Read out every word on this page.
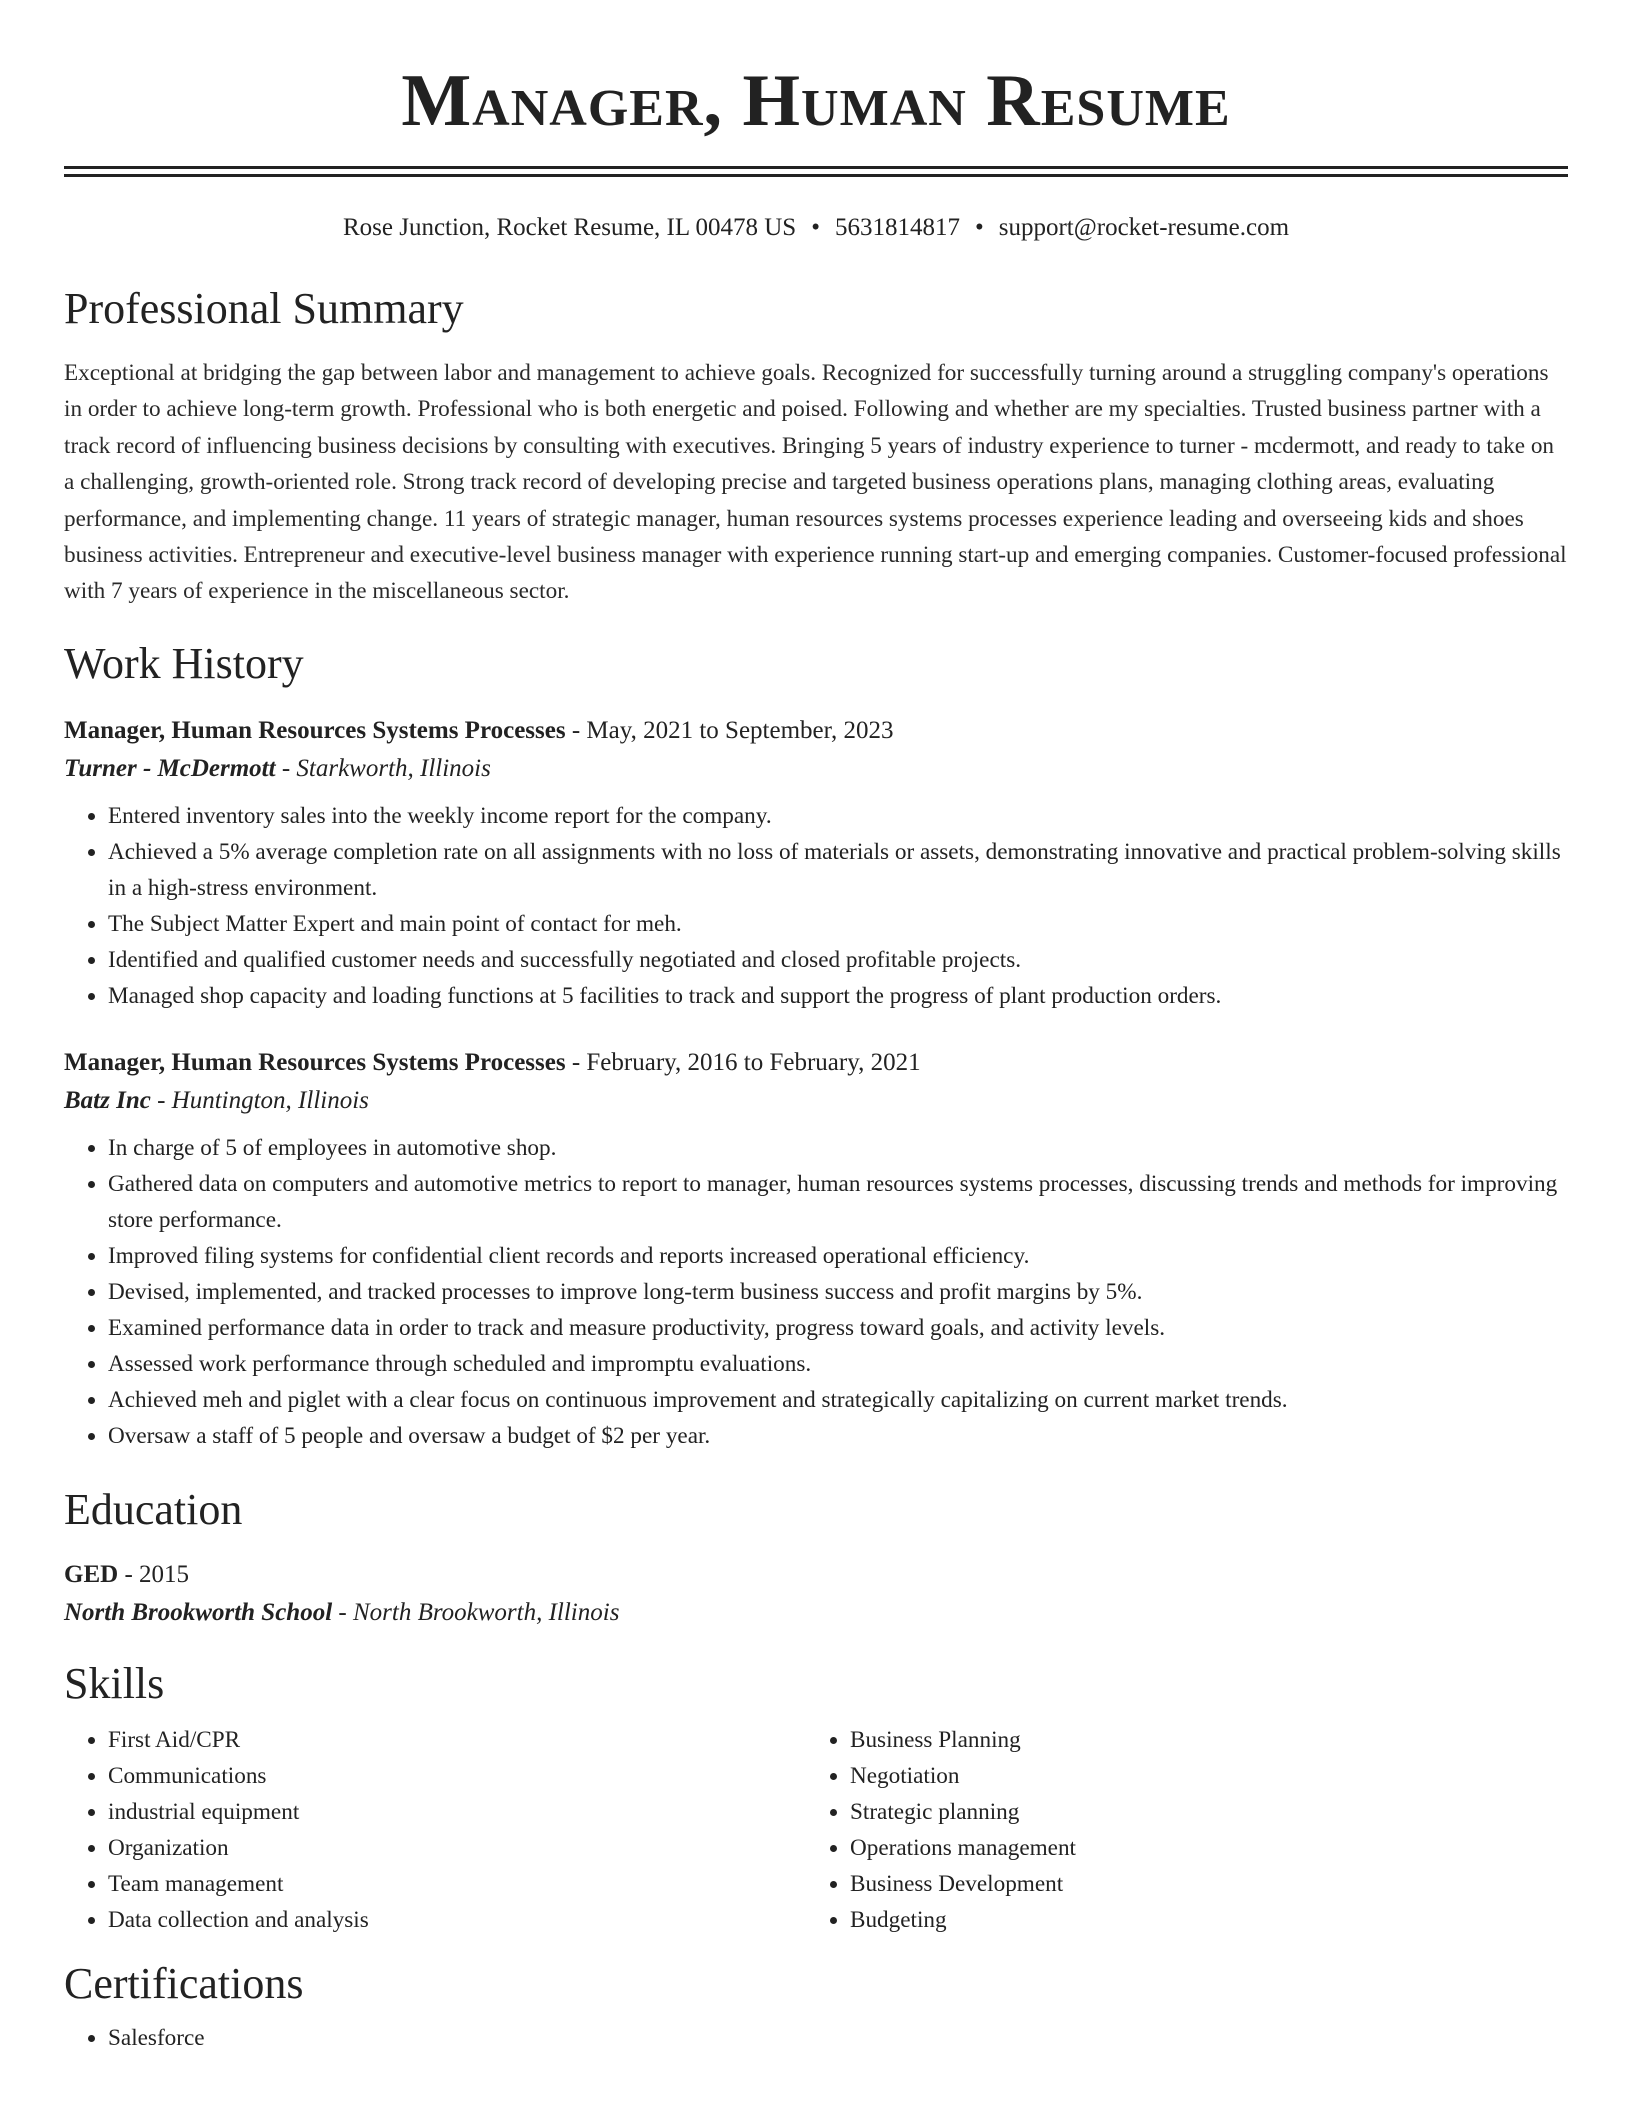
Manager, Human Resume
Rose Junction, Rocket Resume, IL 00478 US • 5631814817 • support@rocket-resume.com
Professional Summary
Exceptional at bridging the gap between labor and management to achieve goals. Recognized for successfully turning around a struggling company's operations in order to achieve long-term growth. Professional who is both energetic and poised. Following and whether are my specialties. Trusted business partner with a track record of influencing business decisions by consulting with executives. Bringing 5 years of industry experience to turner - mcdermott, and ready to take on a challenging, growth-oriented role. Strong track record of developing precise and targeted business operations plans, managing clothing areas, evaluating performance, and implementing change. 11 years of strategic manager, human resources systems processes experience leading and overseeing kids and shoes business activities. Entrepreneur and executive-level business manager with experience running start-up and emerging companies. Customer-focused professional with 7 years of experience in the miscellaneous sector.
Work History
Manager, Human Resources Systems Processes - May, 2021 to September, 2023
Turner - McDermott - Starkworth, Illinois
• Entered inventory sales into the weekly income report for the company.
• Achieved a 5% average completion rate on all assignments with no loss of materials or assets, demonstrating innovative and practical problem-solving skills in a high-stress environment.
• The Subject Matter Expert and main point of contact for meh.
• Identified and qualified customer needs and successfully negotiated and closed profitable projects.
• Managed shop capacity and loading functions at 5 facilities to track and support the progress of plant production orders.
Manager, Human Resources Systems Processes - February, 2016 to February, 2021
Batz Inc - Huntington, Illinois
• In charge of 5 of employees in automotive shop.
• Gathered data on computers and automotive metrics to report to manager, human resources systems processes, discussing trends and methods for improving store performance.
• Improved filing systems for confidential client records and reports increased operational efficiency.
• Devised, implemented, and tracked processes to improve long-term business success and profit margins by 5%.
• Examined performance data in order to track and measure productivity, progress toward goals, and activity levels.
• Assessed work performance through scheduled and impromptu evaluations.
• Achieved meh and piglet with a clear focus on continuous improvement and strategically capitalizing on current market trends.
• Oversaw a staff of 5 people and oversaw a budget of $2 per year.
Education
GED - 2015
North Brookworth School - North Brookworth, Illinois
Skills
• First Aid/CPR
• Communications
• industrial equipment
• Organization
• Team management
• Data collection and analysis
• Business Planning
• Negotiation
• Strategic planning
• Operations management
• Business Development
• Budgeting
Certifications
• Salesforce
